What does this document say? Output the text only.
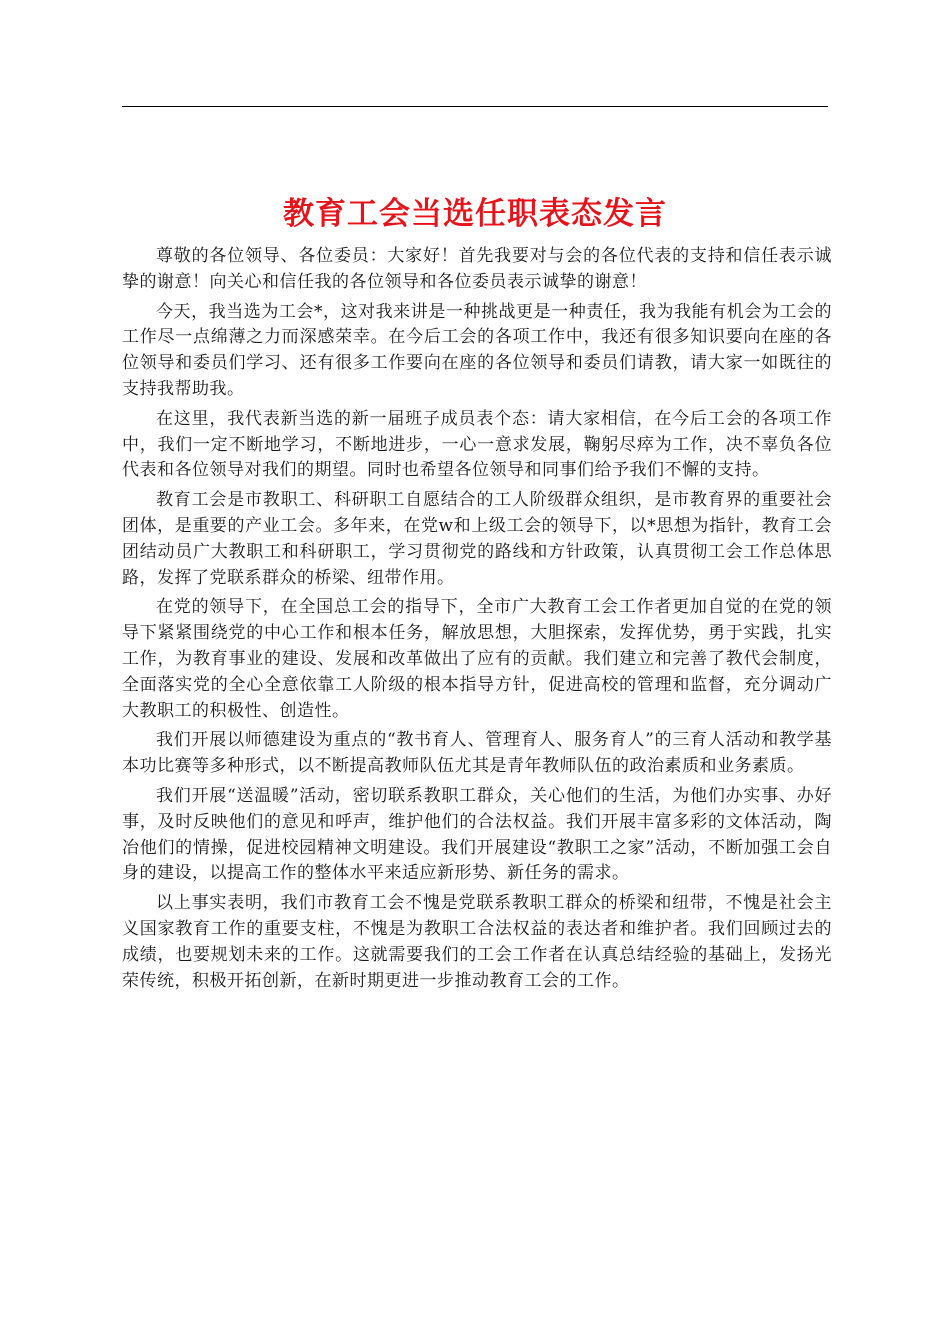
教育工会当选任职表态发言

尊敬的各位领导、各位委员：大家好！首先我要对与会的各位代表的支持和信任表示诚挚的谢意！向关心和信任我的各位领导和各位委员表示诚挚的谢意！

今天，我当选为工会*，这对我来讲是一种挑战更是一种责任，我为我能有机会为工会的工作尽一点绵薄之力而深感荣幸。在今后工会的各项工作中，我还有很多知识要向在座的各位领导和委员们学习、还有很多工作要向在座的各位领导和委员们请教，请大家一如既往的支持我帮助我。

在这里，我代表新当选的新一届班子成员表个态：请大家相信，在今后工会的各项工作中，我们一定不断地学习，不断地进步，一心一意求发展，鞠躬尽瘁为工作，决不辜负各位代表和各位领导对我们的期望。同时也希望各位领导和同事们给予我们不懈的支持。

教育工会是市教职工、科研职工自愿结合的工人阶级群众组织，是市教育界的重要社会团体，是重要的产业工会。多年来，在党w和上级工会的领导下，以*思想为指针，教育工会团结动员广大教职工和科研职工，学习贯彻党的路线和方针政策，认真贯彻工会工作总体思路，发挥了党联系群众的桥梁、纽带作用。

在党的领导下，在全国总工会的指导下，全市广大教育工会工作者更加自觉的在党的领导下紧紧围绕党的中心工作和根本任务，解放思想，大胆探索，发挥优势，勇于实践，扎实工作，为教育事业的建设、发展和改革做出了应有的贡献。我们建立和完善了教代会制度，全面落实党的全心全意依靠工人阶级的根本指导方针，促进高校的管理和监督，充分调动广大教职工的积极性、创造性。

我们开展以师德建设为重点的“教书育人、管理育人、服务育人”的三育人活动和教学基本功比赛等多种形式，以不断提高教师队伍尤其是青年教师队伍的政治素质和业务素质。

我们开展“送温暖”活动，密切联系教职工群众，关心他们的生活，为他们办实事、办好事，及时反映他们的意见和呼声，维护他们的合法权益。我们开展丰富多彩的文体活动，陶冶他们的情操，促进校园精神文明建设。我们开展建设“教职工之家”活动，不断加强工会自身的建设，以提高工作的整体水平来适应新形势、新任务的需求。

以上事实表明，我们市教育工会不愧是党联系教职工群众的桥梁和纽带，不愧是社会主义国家教育工作的重要支柱，不愧是为教职工合法权益的表达者和维护者。我们回顾过去的成绩，也要规划未来的工作。这就需要我们的工会工作者在认真总结经验的基础上，发扬光荣传统，积极开拓创新，在新时期更进一步推动教育工会的工作。
